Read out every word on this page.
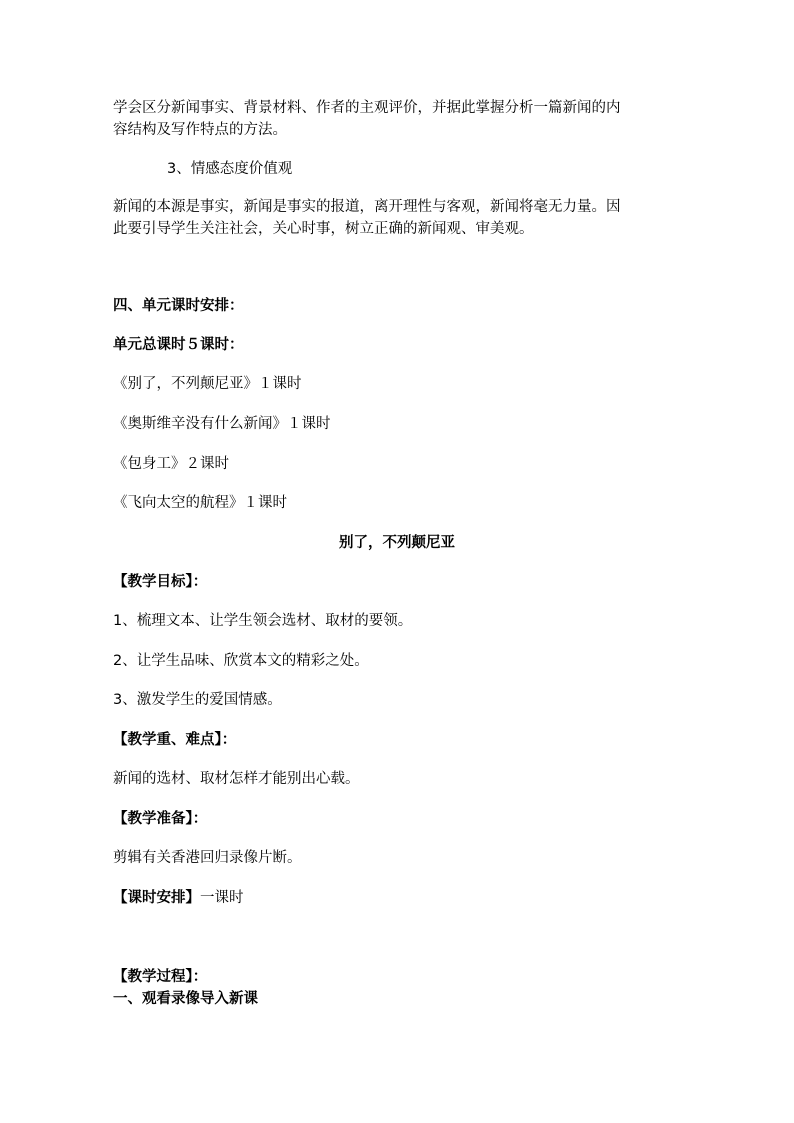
学会区分新闻事实、背景材料、作者的主观评价，并据此掌握分析一篇新闻的内
容结构及写作特点的方法。
3、情感态度价值观
新闻的本源是事实，新闻是事实的报道，离开理性与客观，新闻将毫无力量。因
此要引导学生关注社会，关心时事，树立正确的新闻观、审美观。
四、单元课时安排：
单元总课时５课时：
《别了，不列颠尼亚》１课时
《奥斯维辛没有什么新闻》１课时
《包身工》２课时
《飞向太空的航程》１课时
别了，不列颠尼亚
【教学目标】：
1、梳理文本、让学生领会选材、取材的要领。
2、让学生品味、欣赏本文的精彩之处。
3、激发学生的爱国情感。
【教学重、难点】：
新闻的选材、取材怎样才能别出心载。
【教学准备】：
剪辑有关香港回归录像片断。
【课时安排】一课时
【教学过程】：
一、观看录像导入新课
